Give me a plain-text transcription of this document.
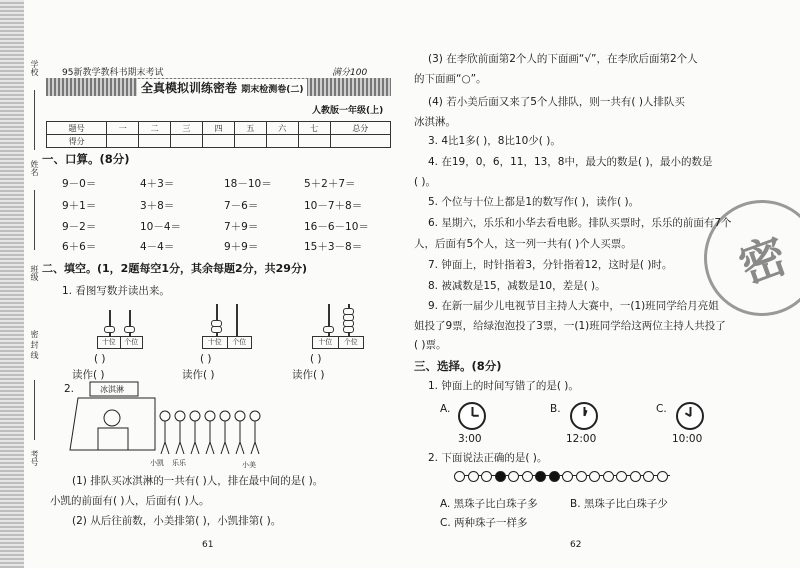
学校
姓名
班级
密 封 线
考号
95新教学教科书期末考试	满分100
全真模拟训练密卷 期末检测卷(二)
人教版一年级(上)
题号	一	二	三	四	五	六	七	总分
得分								
一、口算。(8分)
9－0＝	4＋3＝	18－10＝	5＋2＋7＝
9＋1＝	3＋8＝	7－6＝	10－7＋8＝
9－2＝	10－4＝	7＋9＝	16－6－10＝
6＋6＝	4－4＝	9＋9＝	15＋3－8＝
二、填空。(1，2题每空1分，其余每题2分，共29分)
1. 看图写数并读出来。
十位	个位	十位	个位	十位	个位
( )	( )	( )
读作( )	读作( )	读作( )
2.	冰淇淋
小凯 乐乐	小美
(1) 排队买冰淇淋的一共有( )人，排在最中间的是( )。
小凯的前面有( )人，后面有( )人。
(2) 从后往前数，小美排第( )，小凯排第( )。
61
密
(3) 在李欣前面第2个人的下面画“√”，在李欣后面第2个人
的下面画“○”。
(4) 若小美后面又来了5个人排队，则一共有( )人排队买
冰淇淋。
3. 4比1多( )，8比10少( )。
4. 在19，0，6，11，13，8中，最大的数是( )，最小的数是
( )。
5. 个位与十位上都是1的数写作( )，读作( )。
6. 星期六，乐乐和小华去看电影。排队买票时，乐乐的前面有7个
人，后面有5个人，这一列一共有( )个人买票。
7. 钟面上，时针指着3，分针指着12，这时是( )时。
8. 被减数是15，减数是10，差是( )。
9. 在新一届少儿电视节目主持人大赛中，一(1)班同学给月亮姐
姐投了9票，给绿泡泡投了3票，一(1)班同学给这两位主持人共投了
( )票。
三、选择。(8分)
1. 钟面上的时间写错了的是( )。
A.
3:00
B.
12:00
C.
10:00
2. 下面说法正确的是( )。
A. 黑珠子比白珠子多	B. 黑珠子比白珠子少
C. 两种珠子一样多
62
